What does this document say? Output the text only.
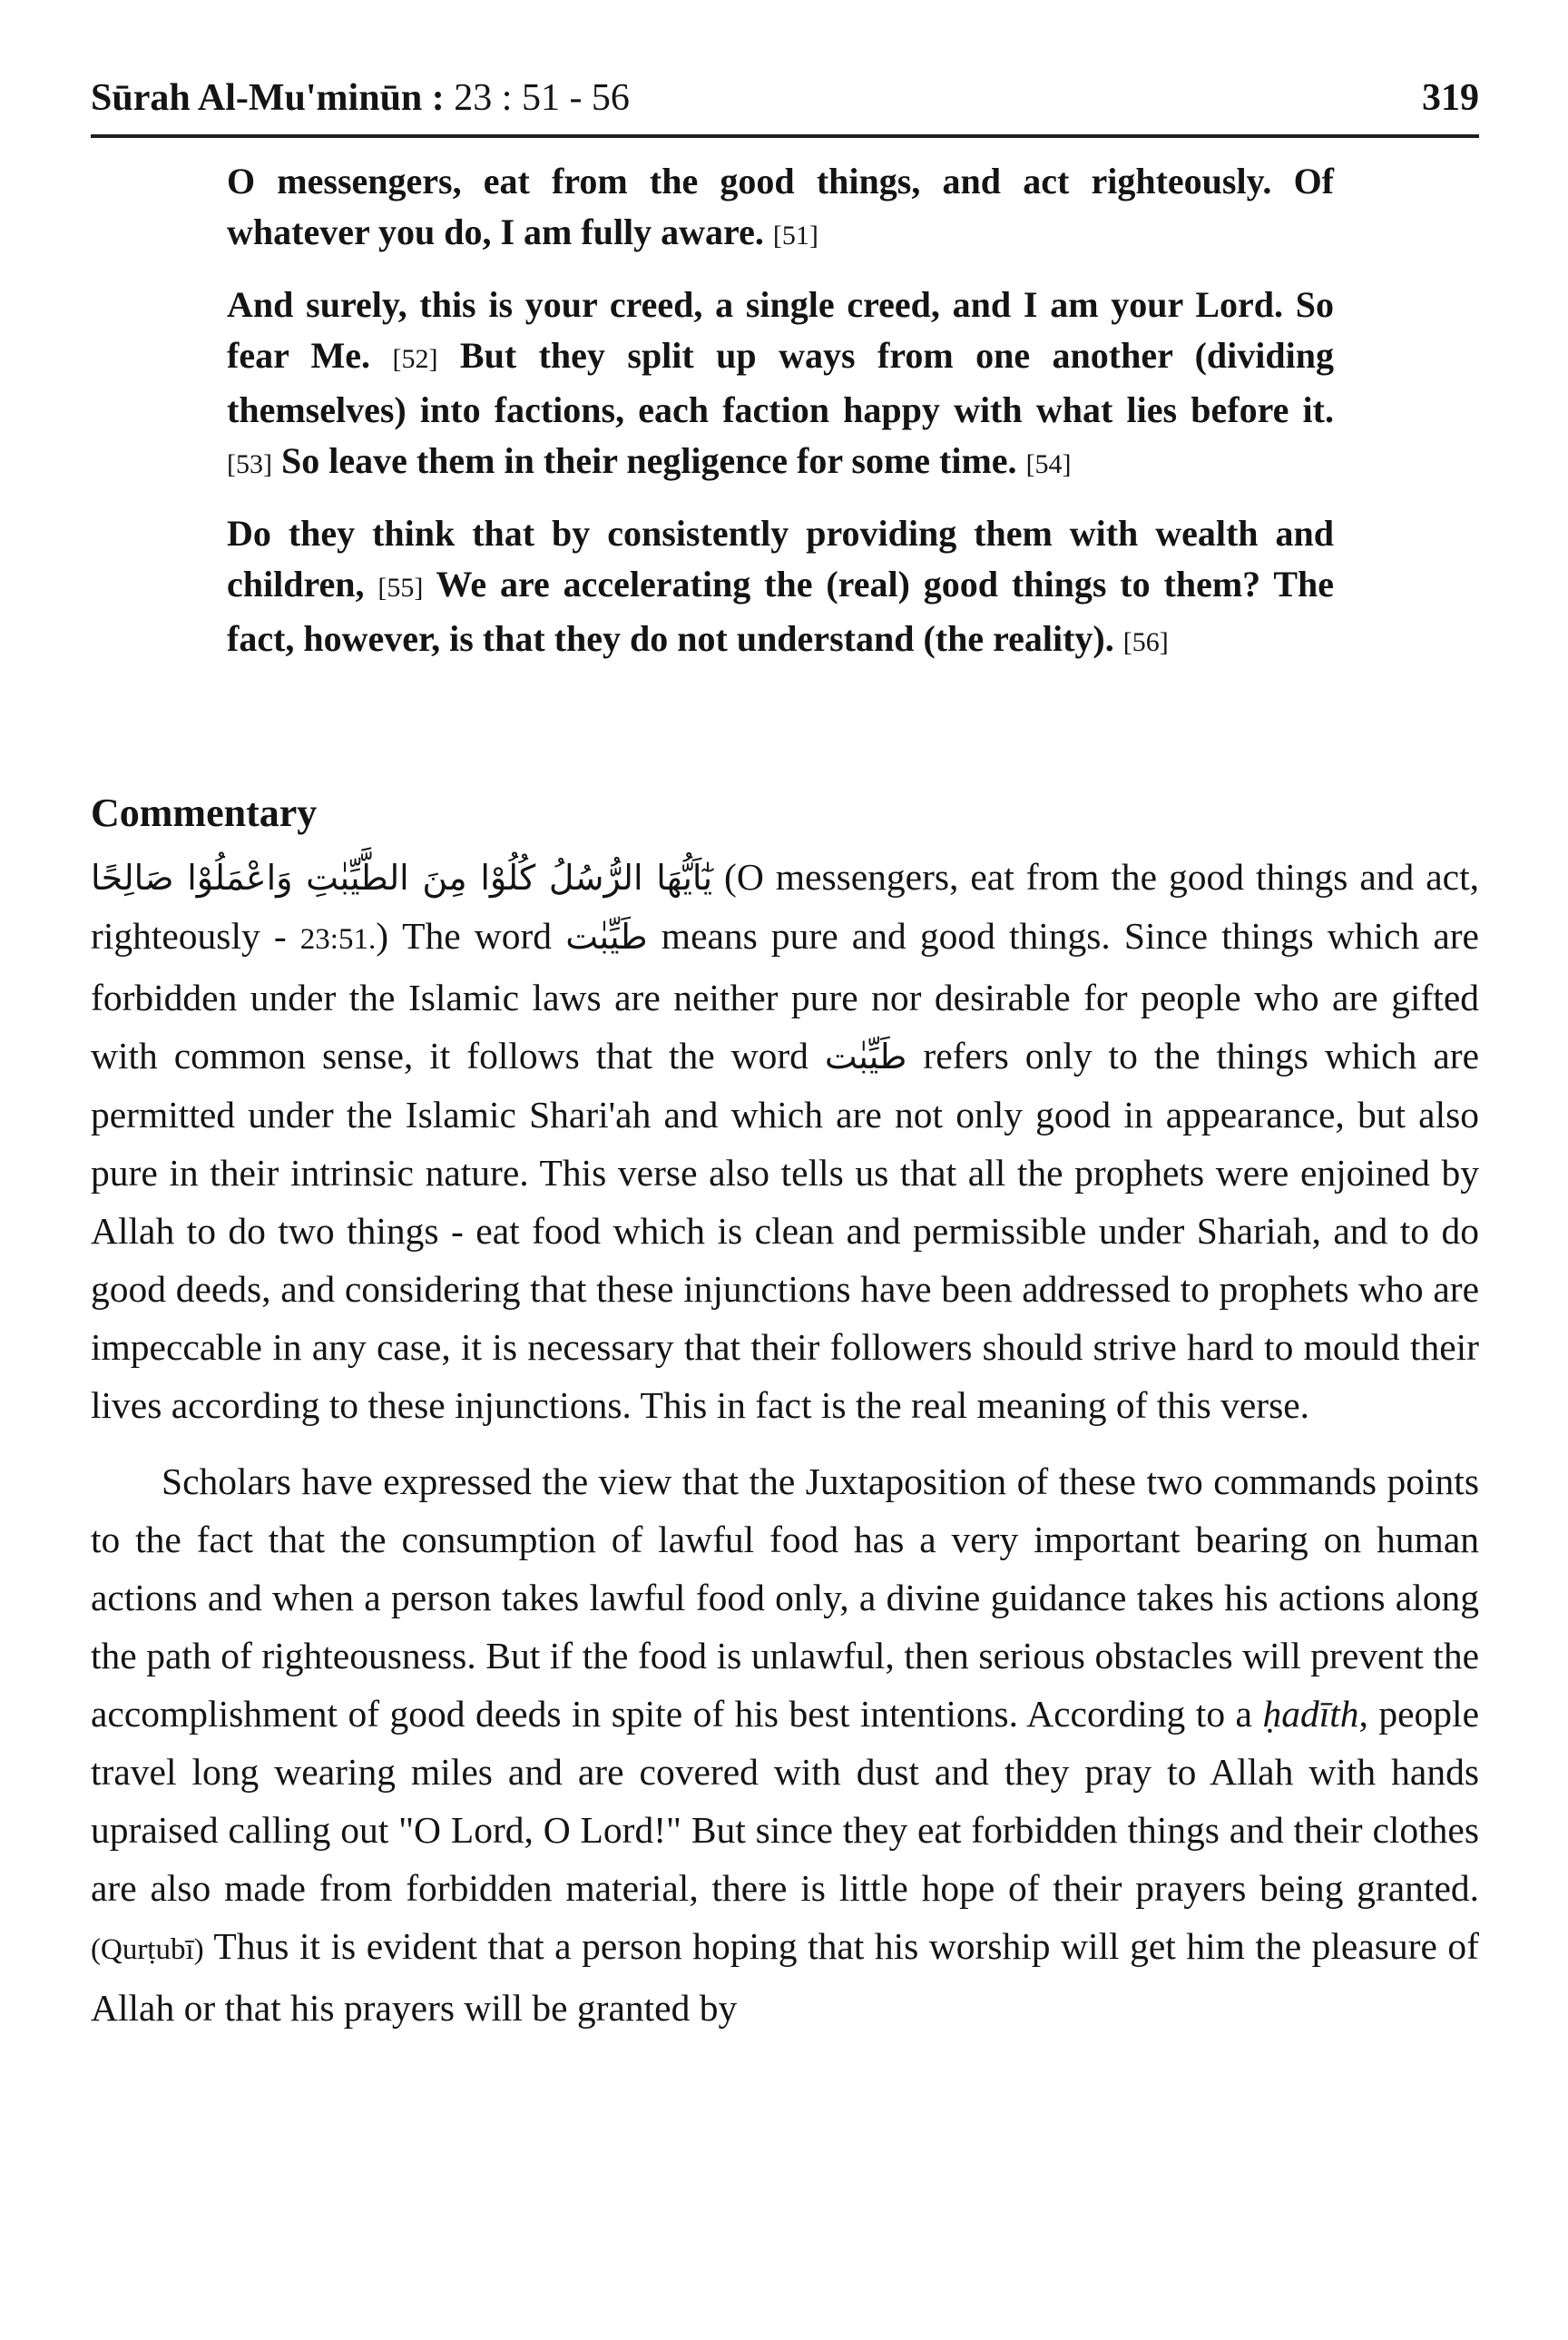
Sūrah Al-Mu'minūn : 23 : 51 - 56	319

O messengers, eat from the good things, and act righteously. Of whatever you do, I am fully aware. [51]

And surely, this is your creed, a single creed, and I am your Lord. So fear Me. [52] But they split up ways from one another (dividing themselves) into factions, each faction happy with what lies before it. [53] So leave them in their negligence for some time. [54]

Do they think that by consistently providing them with wealth and children, [55] We are accelerating the (real) good things to them? The fact, however, is that they do not understand (the reality). [56]

Commentary

يٰٓاَيُّهَا الرُّسُلُ كُلُوْا مِنَ الطَّيِّبٰتِ وَاعْمَلُوْا صَالِحًا (O messengers, eat from the good things and act, righteously - 23:51.) The word طَيِّبٰت means pure and good things. Since things which are forbidden under the Islamic laws are neither pure nor desirable for people who are gifted with common sense, it follows that the word طَيِّبٰت refers only to the things which are permitted under the Islamic Shari'ah and which are not only good in appearance, but also pure in their intrinsic nature. This verse also tells us that all the prophets were enjoined by Allah to do two things - eat food which is clean and permissible under Shariah, and to do good deeds, and considering that these injunctions have been addressed to prophets who are impeccable in any case, it is necessary that their followers should strive hard to mould their lives according to these injunctions. This in fact is the real meaning of this verse.

Scholars have expressed the view that the Juxtaposition of these two commands points to the fact that the consumption of lawful food has a very important bearing on human actions and when a person takes lawful food only, a divine guidance takes his actions along the path of righteousness. But if the food is unlawful, then serious obstacles will prevent the accomplishment of good deeds in spite of his best intentions. According to a ḥadīth, people travel long wearing miles and are covered with dust and they pray to Allah with hands upraised calling out "O Lord, O Lord!" But since they eat forbidden things and their clothes are also made from forbidden material, there is little hope of their prayers being granted. (Qurṭubī) Thus it is evident that a person hoping that his worship will get him the pleasure of Allah or that his prayers will be granted by
